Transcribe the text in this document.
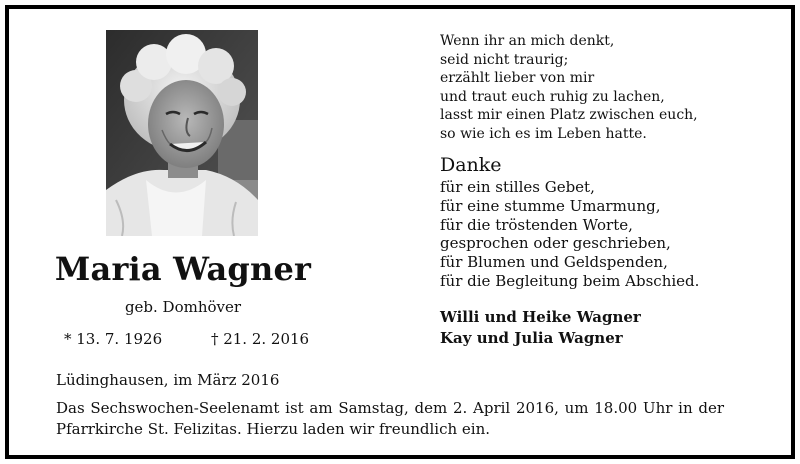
Maria Wagner
geb. Domhöver
* 13. 7. 1926	† 21. 2. 2016
Wenn ihr an mich denkt,
seid nicht traurig;
erzählt lieber von mir
und traut euch ruhig zu lachen,
lasst mir einen Platz zwischen euch,
so wie ich es im Leben hatte.
Danke
für ein stilles Gebet,
für eine stumme Umarmung,
für die tröstenden Worte,
gesprochen oder geschrieben,
für Blumen und Geldspenden,
für die Begleitung beim Abschied.
Willi und Heike Wagner
Kay und Julia Wagner
Lüdinghausen, im März 2016
Das Sechswochen-Seelenamt ist am Samstag, dem 2. April 2016, um 18.00 Uhr in der Pfarrkirche St. Felizitas. Hierzu laden wir freundlich ein.
